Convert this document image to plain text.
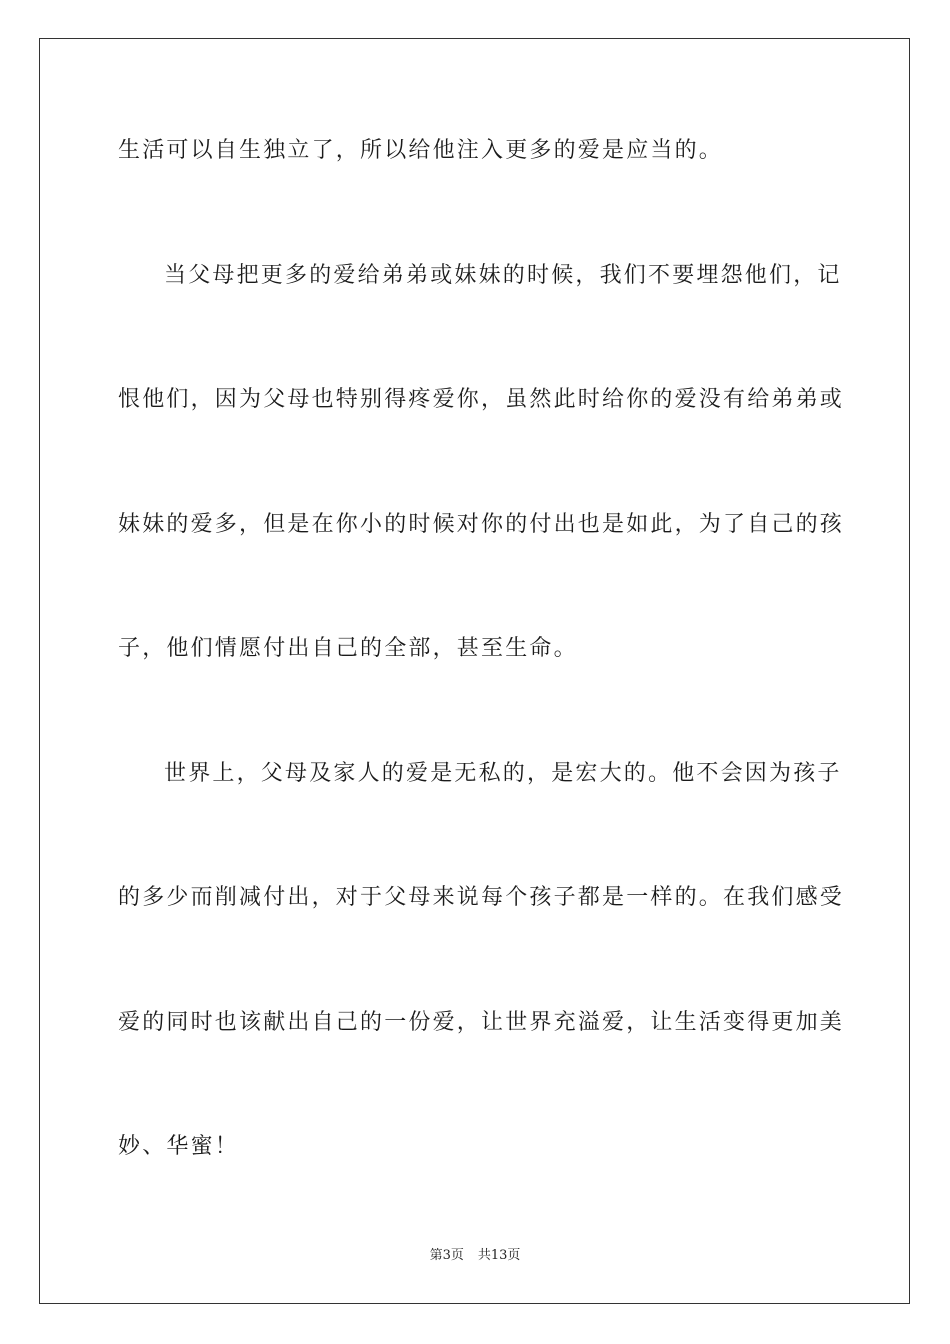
生活可以自生独立了，所以给他注入更多的爱是应当的。
当父母把更多的爱给弟弟或妹妹的时候，我们不要埋怨他们，记
恨他们，因为父母也特别得疼爱你，虽然此时给你的爱没有给弟弟或
妹妹的爱多，但是在你小的时候对你的付出也是如此，为了自己的孩
子，他们情愿付出自己的全部，甚至生命。
世界上，父母及家人的爱是无私的，是宏大的。他不会因为孩子
的多少而削减付出，对于父母来说每个孩子都是一样的。在我们感受
爱的同时也该献出自己的一份爱，让世界充溢爱，让生活变得更加美
妙、华蜜！
第3页 共13页
